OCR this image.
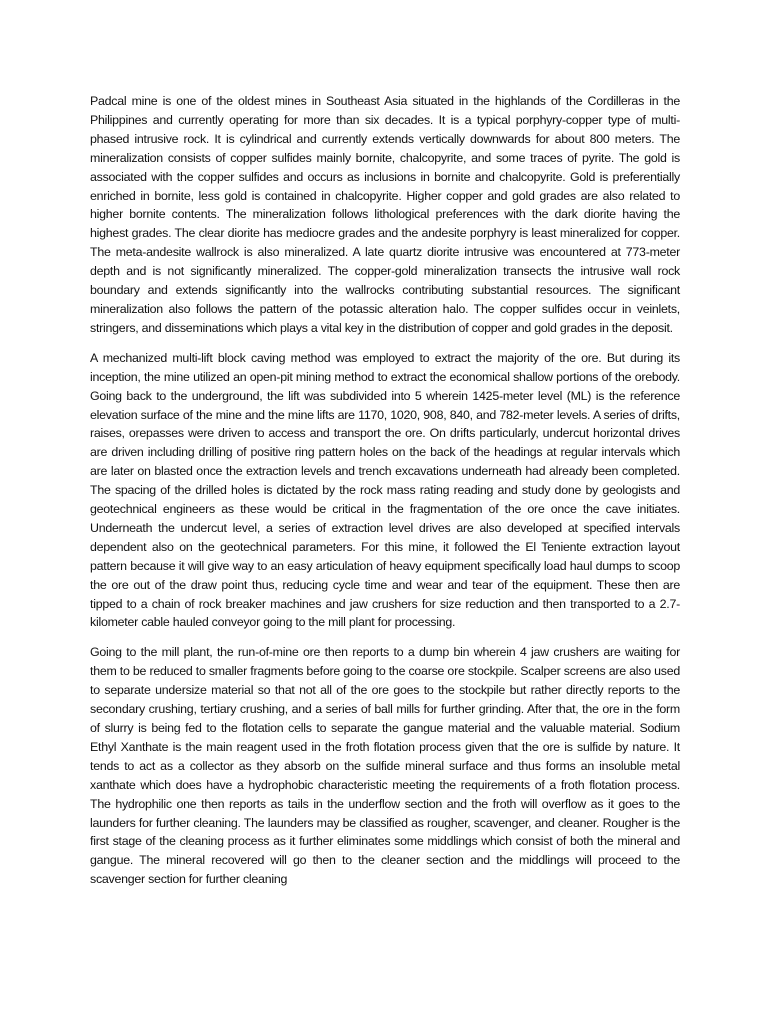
Padcal mine is one of the oldest mines in Southeast Asia situated in the highlands of the Cordilleras in the Philippines and currently operating for more than six decades. It is a typical porphyry-copper type of multi-phased intrusive rock. It is cylindrical and currently extends vertically downwards for about 800 meters. The mineralization consists of copper sulfides mainly bornite, chalcopyrite, and some traces of pyrite. The gold is associated with the copper sulfides and occurs as inclusions in bornite and chalcopyrite. Gold is preferentially enriched in bornite, less gold is contained in chalcopyrite. Higher copper and gold grades are also related to higher bornite contents. The mineralization follows lithological preferences with the dark diorite having the highest grades. The clear diorite has mediocre grades and the andesite porphyry is least mineralized for copper. The meta-andesite wallrock is also mineralized. A late quartz diorite intrusive was encountered at 773-meter depth and is not significantly mineralized. The copper-gold mineralization transects the intrusive wall rock boundary and extends significantly into the wallrocks contributing substantial resources. The significant mineralization also follows the pattern of the potassic alteration halo. The copper sulfides occur in veinlets, stringers, and disseminations which plays a vital key in the distribution of copper and gold grades in the deposit.

A mechanized multi-lift block caving method was employed to extract the majority of the ore. But during its inception, the mine utilized an open-pit mining method to extract the economical shallow portions of the orebody. Going back to the underground, the lift was subdivided into 5 wherein 1425-meter level (ML) is the reference elevation surface of the mine and the mine lifts are 1170, 1020, 908, 840, and 782-meter levels. A series of drifts, raises, orepasses were driven to access and transport the ore. On drifts particularly, undercut horizontal drives are driven including drilling of positive ring pattern holes on the back of the headings at regular intervals which are later on blasted once the extraction levels and trench excavations underneath had already been completed. The spacing of the drilled holes is dictated by the rock mass rating reading and study done by geologists and geotechnical engineers as these would be critical in the fragmentation of the ore once the cave initiates. Underneath the undercut level, a series of extraction level drives are also developed at specified intervals dependent also on the geotechnical parameters. For this mine, it followed the El Teniente extraction layout pattern because it will give way to an easy articulation of heavy equipment specifically load haul dumps to scoop the ore out of the draw point thus, reducing cycle time and wear and tear of the equipment. These then are tipped to a chain of rock breaker machines and jaw crushers for size reduction and then transported to a 2.7-kilometer cable hauled conveyor going to the mill plant for processing.

Going to the mill plant, the run-of-mine ore then reports to a dump bin wherein 4 jaw crushers are waiting for them to be reduced to smaller fragments before going to the coarse ore stockpile. Scalper screens are also used to separate undersize material so that not all of the ore goes to the stockpile but rather directly reports to the secondary crushing, tertiary crushing, and a series of ball mills for further grinding. After that, the ore in the form of slurry is being fed to the flotation cells to separate the gangue material and the valuable material. Sodium Ethyl Xanthate is the main reagent used in the froth flotation process given that the ore is sulfide by nature. It tends to act as a collector as they absorb on the sulfide mineral surface and thus forms an insoluble metal xanthate which does have a hydrophobic characteristic meeting the requirements of a froth flotation process. The hydrophilic one then reports as tails in the underflow section and the froth will overflow as it goes to the launders for further cleaning. The launders may be classified as rougher, scavenger, and cleaner. Rougher is the first stage of the cleaning process as it further eliminates some middlings which consist of both the mineral and gangue. The mineral recovered will go then to the cleaner section and the middlings will proceed to the scavenger section for further cleaning
